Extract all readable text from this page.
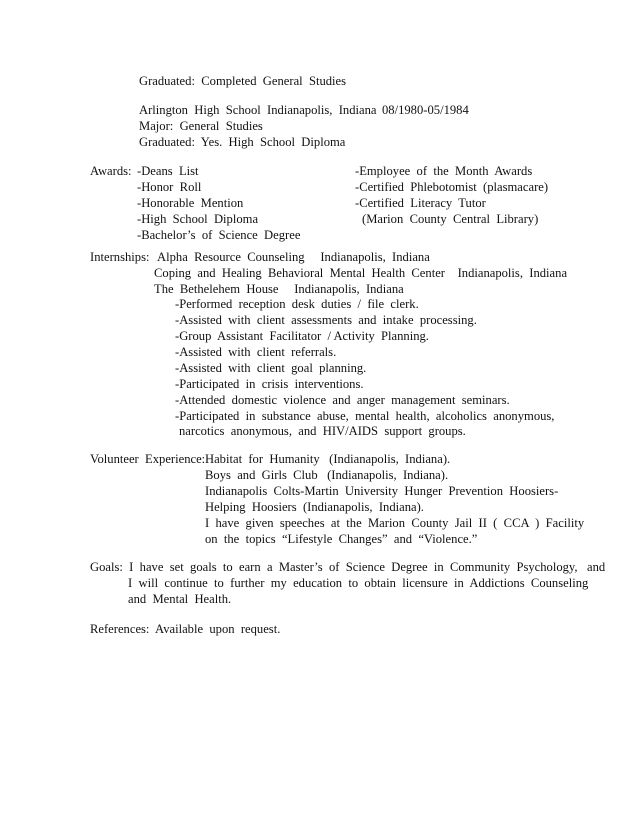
Graduated:  Completed  General  Studies
Arlington  High  School  Indianapolis,  Indiana 08/1980-05/1984
Major:  General  Studies
Graduated:  Yes.  High  School  Diploma
Awards: -Deans  List
-Honor  Roll
-Honorable  Mention
-High  School  Diploma
-Bachelor’s  of  Science  Degree
-Employee  of  the  Month  Awards
-Certified  Phlebotomist  (plasmacare)
-Certified  Literacy  Tutor
(Marion  County  Central  Library)
Internships: Alpha  Resource  Counseling     Indianapolis,  Indiana
Coping  and  Healing  Behavioral  Mental  Health  Center    Indianapolis,  Indiana
The  Bethelehem  House     Indianapolis,  Indiana
-Performed  reception  desk  duties  /  file  clerk.
-Assisted  with  client  assessments  and  intake  processing.
-Group  Assistant  Facilitator  / Activity  Planning.
-Assisted  with  client  referrals.
-Assisted  with  client  goal  planning.
-Participated  in  crisis  interventions.
-Attended  domestic  violence  and  anger  management  seminars.
-Participated  in  substance  abuse,  mental  health,  alcoholics  anonymous,
narcotics  anonymous,  and  HIV/AIDS  support  groups.
Volunteer  Experience: Habitat  for  Humanity   (Indianapolis,  Indiana).
Boys  and  Girls  Club   (Indianapolis,  Indiana).
Indianapolis  Colts-Martin  University  Hunger  Prevention  Hoosiers-
Helping  Hoosiers  (Indianapolis,  Indiana).
I  have  given  speeches  at  the  Marion  County  Jail  II  (  CCA  )  Facility
on  the  topics  “Lifestyle  Changes”  and  “Violence.”
Goals:  I  have  set  goals  to  earn  a  Master’s  of  Science  Degree  in  Community  Psychology,   and
I  will  continue  to  further  my  education  to  obtain  licensure  in  Addictions  Counseling
and  Mental  Health.
References:  Available  upon  request.
